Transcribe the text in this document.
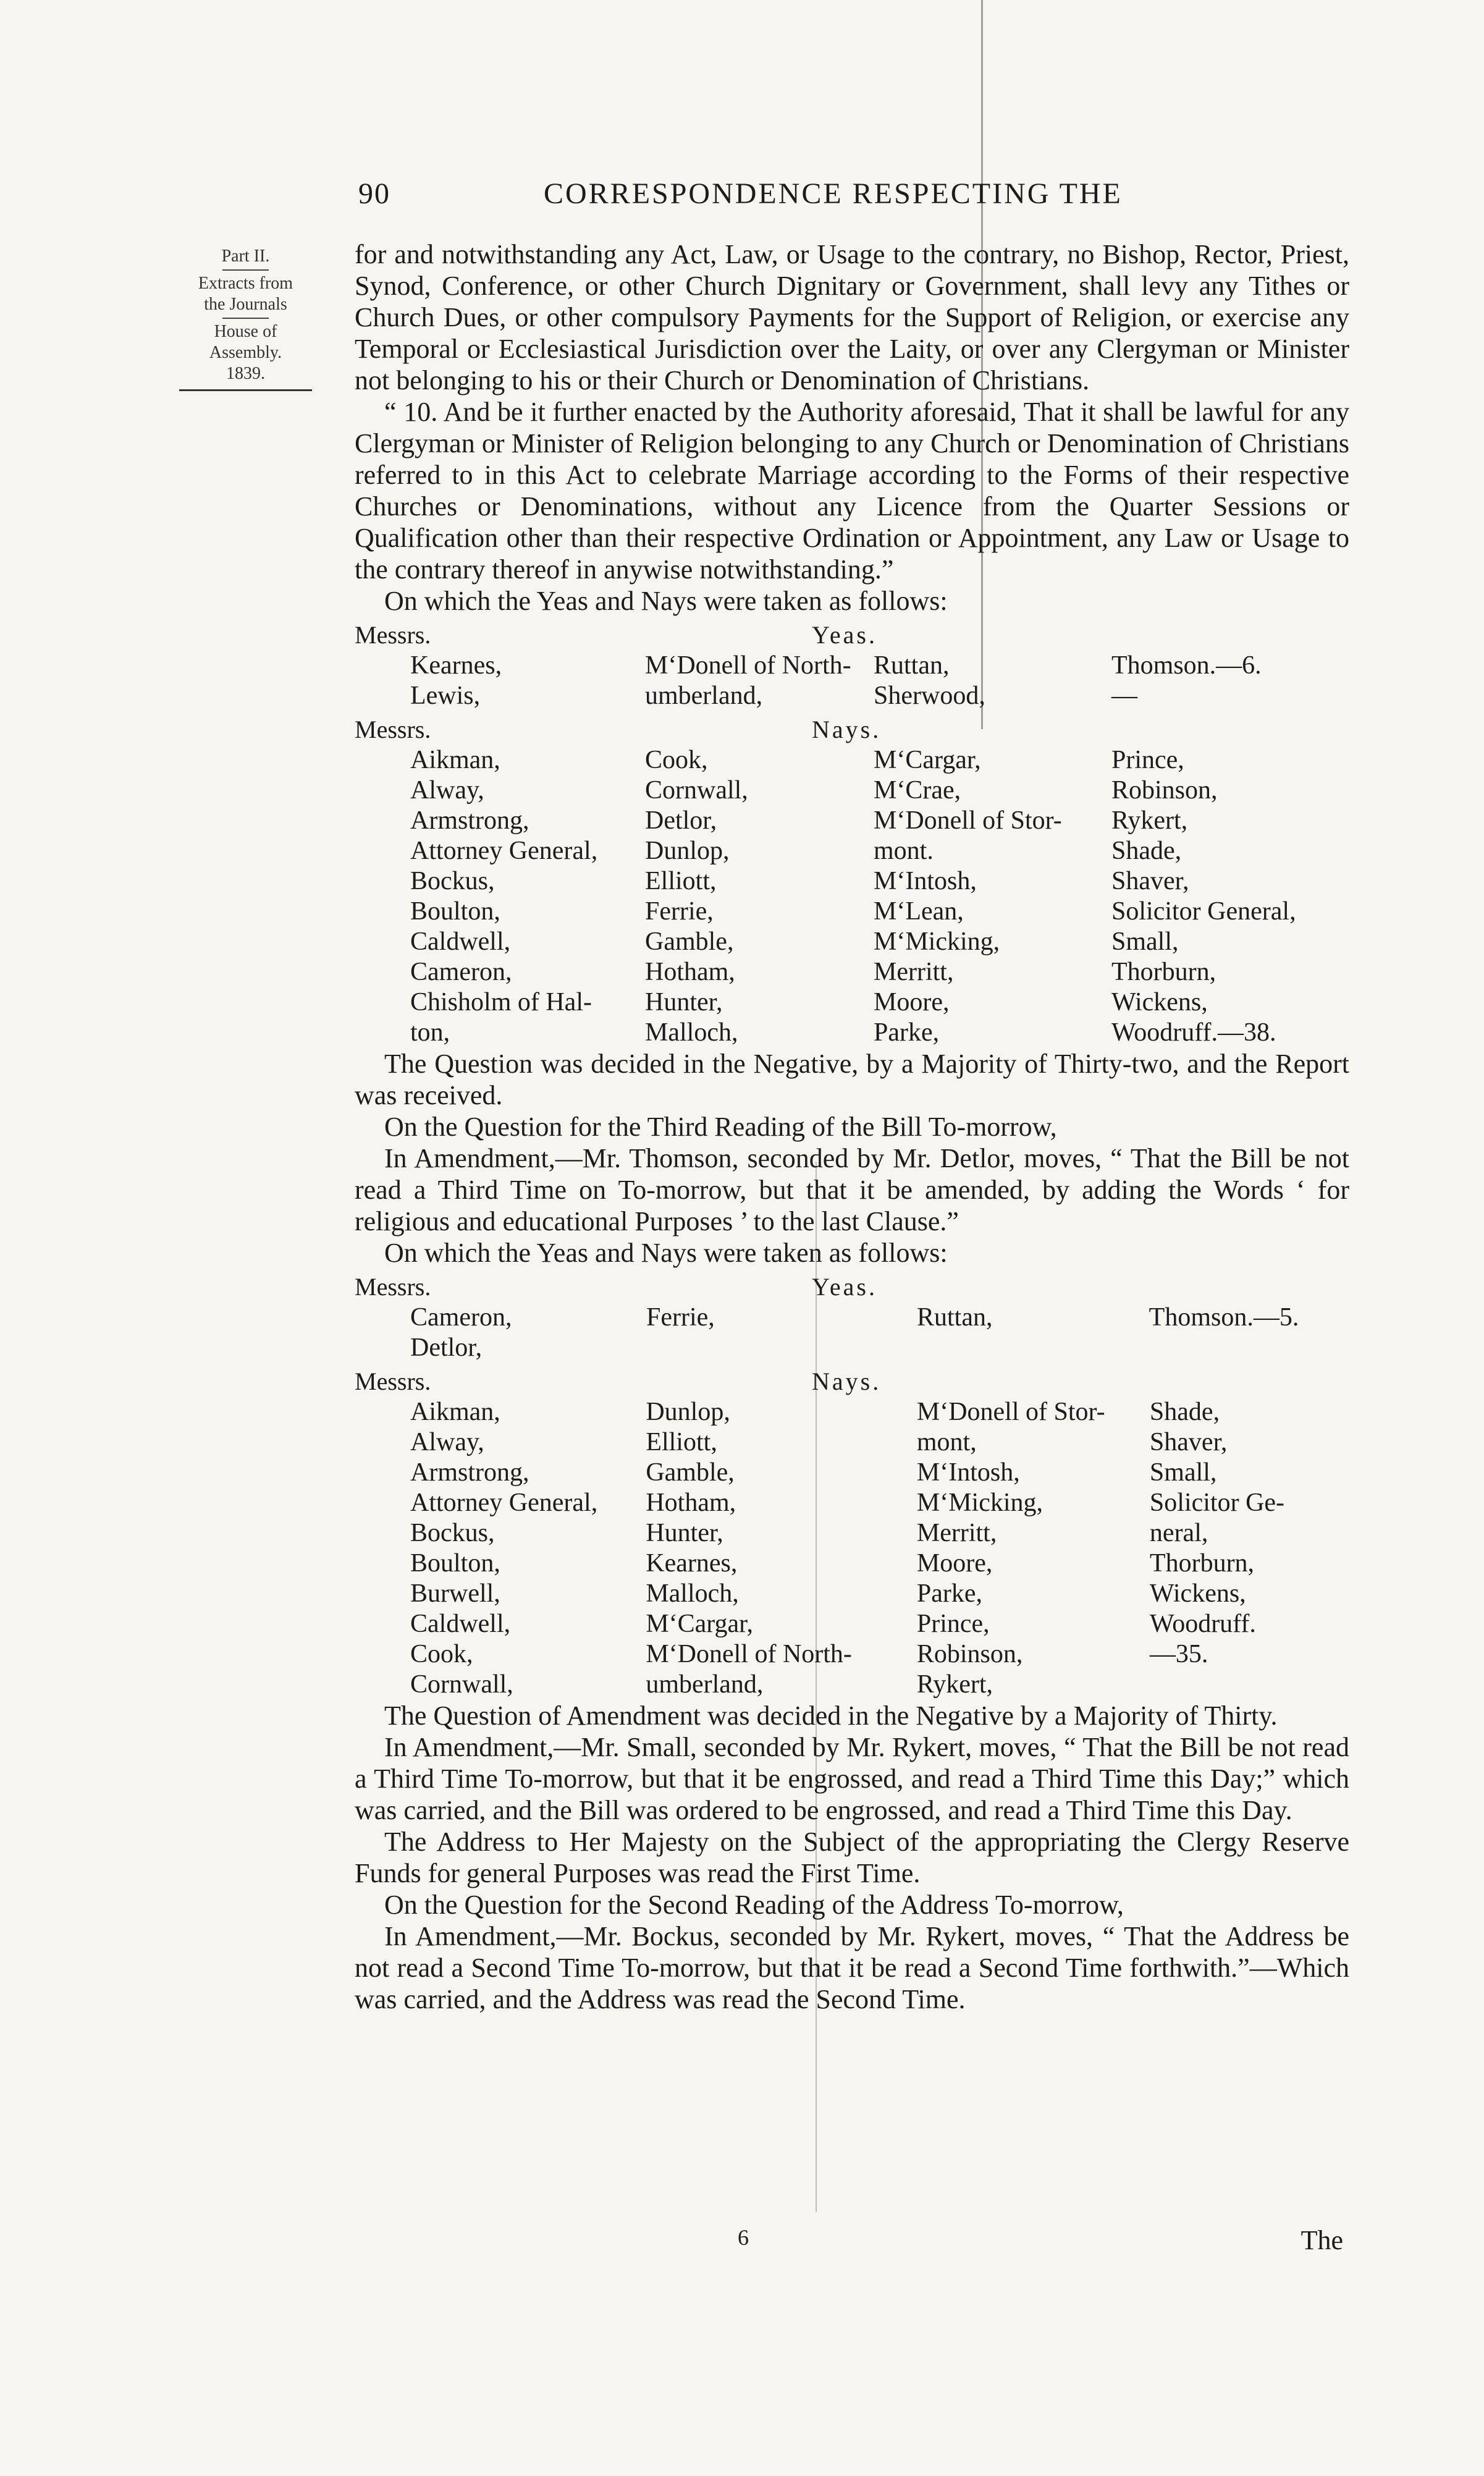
90	CORRESPONDENCE RESPECTING THE
Part II.
Extracts from
the Journals
House of
Assembly.
1839.

for and notwithstanding any Act, Law, or Usage to the contrary, no Bishop, Rector, Priest, Synod, Conference, or other Church Dignitary or Government, shall levy any Tithes or Church Dues, or other compulsory Payments for the Support of Religion, or exercise any Temporal or Ecclesiastical Jurisdiction over the Laity, or over any Clergyman or Minister not belonging to his or their Church or Denomination of Christians.

“ 10. And be it further enacted by the Authority aforesaid, That it shall be lawful for any Clergyman or Minister of Religion belonging to any Church or Denomination of Christians referred to in this Act to celebrate Marriage according to the Forms of their respective Churches or Denominations, without any Licence from the Quarter Sessions or Qualification other than their respective Ordination or Appointment, any Law or Usage to the contrary thereof in anywise notwithstanding.”

On which the Yeas and Nays were taken as follows:

Messrs.	Yeas.
Kearnes,	M‘Donell of North-	Ruttan,	Thomson.—6.
Lewis,	umberland,	Sherwood,	—
Messrs.	Nays.
Aikman,	Cook,	M‘Cargar,	Prince,
Alway,	Cornwall,	M‘Crae,	Robinson,
Armstrong,	Detlor,	M‘Donell of Stor-	Rykert,
Attorney General,	Dunlop,	mont.	Shade,
Bockus,	Elliott,	M‘Intosh,	Shaver,
Boulton,	Ferrie,	M‘Lean,	Solicitor General,
Caldwell,	Gamble,	M‘Micking,	Small,
Cameron,	Hotham,	Merritt,	Thorburn,
Chisholm of Hal-	Hunter,	Moore,	Wickens,
ton,	Malloch,	Parke,	Woodruff.—38.

The Question was decided in the Negative, by a Majority of Thirty-two, and the Report was received.

On the Question for the Third Reading of the Bill To-morrow,

In Amendment,—Mr. Thomson, seconded by Mr. Detlor, moves, “ That the Bill be not read a Third Time on To-morrow, but that it be amended, by adding the Words ‘ for religious and educational Purposes ’ to the last Clause.”

On which the Yeas and Nays were taken as follows:

Messrs.	Yeas.
Cameron,	Ferrie,	Ruttan,	Thomson.—5.
Detlor,			
Messrs.	Nays.
Aikman,	Dunlop,	M‘Donell of Stor-	Shade,
Alway,	Elliott,	mont,	Shaver,
Armstrong,	Gamble,	M‘Intosh,	Small,
Attorney General,	Hotham,	M‘Micking,	Solicitor Ge-
Bockus,	Hunter,	Merritt,	neral,
Boulton,	Kearnes,	Moore,	Thorburn,
Burwell,	Malloch,	Parke,	Wickens,
Caldwell,	M‘Cargar,	Prince,	Woodruff.
Cook,	M‘Donell of North-	Robinson,	—35.
Cornwall,	umberland,	Rykert,	

The Question of Amendment was decided in the Negative by a Majority of Thirty.

In Amendment,—Mr. Small, seconded by Mr. Rykert, moves, “ That the Bill be not read a Third Time To-morrow, but that it be engrossed, and read a Third Time this Day;” which was carried, and the Bill was ordered to be engrossed, and read a Third Time this Day.

The Address to Her Majesty on the Subject of the appropriating the Clergy Reserve Funds for general Purposes was read the First Time.

On the Question for the Second Reading of the Address To-morrow,

In Amendment,—Mr. Bockus, seconded by Mr. Rykert, moves, “ That the Address be not read a Second Time To-morrow, but that it be read a Second Time forthwith.”—Which was carried, and the Address was read the Second Time.

6	The
